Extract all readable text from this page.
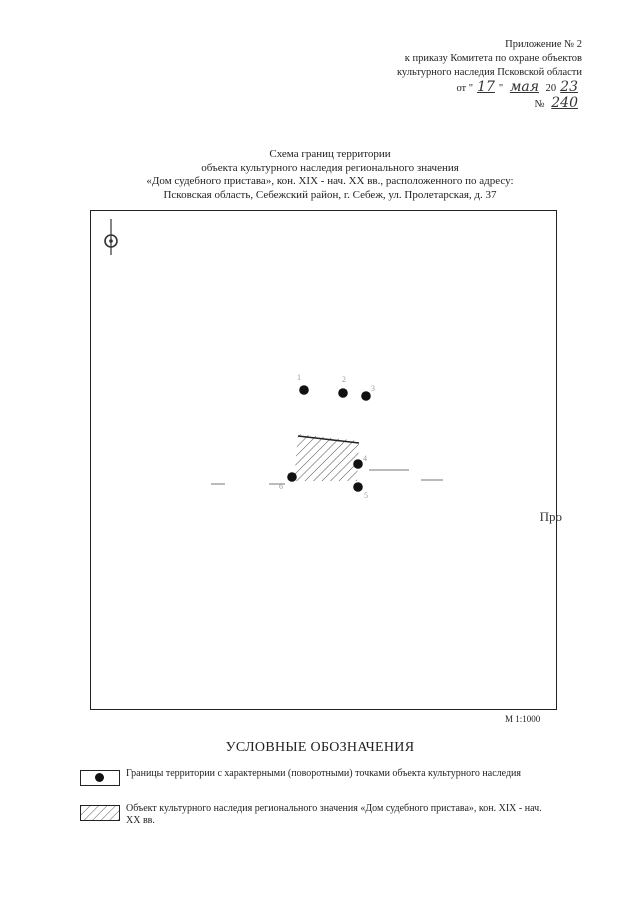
Приложение № 2
к приказу Комитета по охране объектов
культурного наследия Псковской области
от " 17 " мая 20 23
№ 240
Схема границ территории
объекта культурного наследия регионального значения
«Дом судебного пристава», кон. XIX - нач. XX вв., расположенного по адресу:
Псковская область, Себежский район, г. Себеж, ул. Пролетарская, д. 37
1	2
3
4
5
6
Про
М 1:1000
УСЛОВНЫЕ ОБОЗНАЧЕНИЯ
Границы территории с характерными (поворотными) точками объекта культурного наследия
Объект культурного наследия регионального значения «Дом судебного пристава», кон. XIX - нач. XX вв.
